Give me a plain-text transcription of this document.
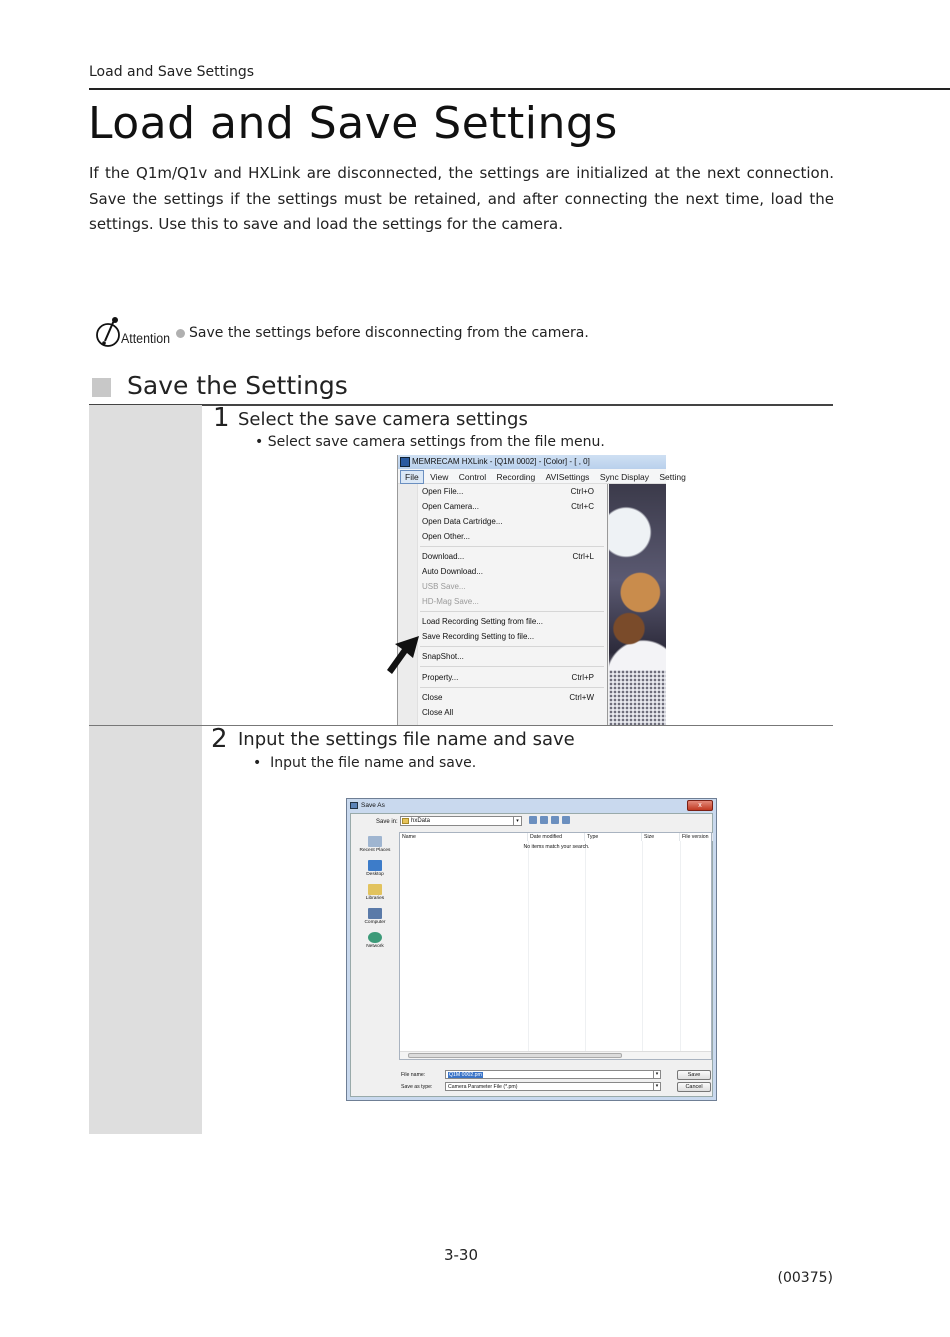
Load and Save Settings
Load and Save Settings
If the Q1m/Q1v and HXLink are disconnected, the settings are initialized at the next connection. Save the settings if the settings must be retained, and after connecting the next time, load the settings. Use this to save and load the settings for the camera.
Attention Save the settings before disconnecting from the camera.
Save the Settings
1 Select the save camera settings
• Select save camera settings from the file menu.
MEMRECAM HXLink - [Q1M 0002] - [Color] - [ , 0]
File View Control Recording AVISettings Sync Display Setting
Open File...	Ctrl+O
Open Camera...	Ctrl+C
Open Data Cartridge...
Open Other...
Download...	Ctrl+L
Auto Download...
USB Save...
HD-Mag Save...
Load Recording Setting from file...
Save Recording Setting to file...
SnapShot...
Property...	Ctrl+P
Close	Ctrl+W
Close All
2 Input the settings file name and save
• Input the file name and save.
Save As	x
Save in:	hxData	▾
Recent Places
Desktop
Libraries
Computer
Network
Name	Date modified	Type	Size	File version
No items match your search.
File name:	Q1M 0002.pm	▾
Save as type:	Camera Parameter File (*.pm)	▾
Save
Cancel
3-30
(00375)
